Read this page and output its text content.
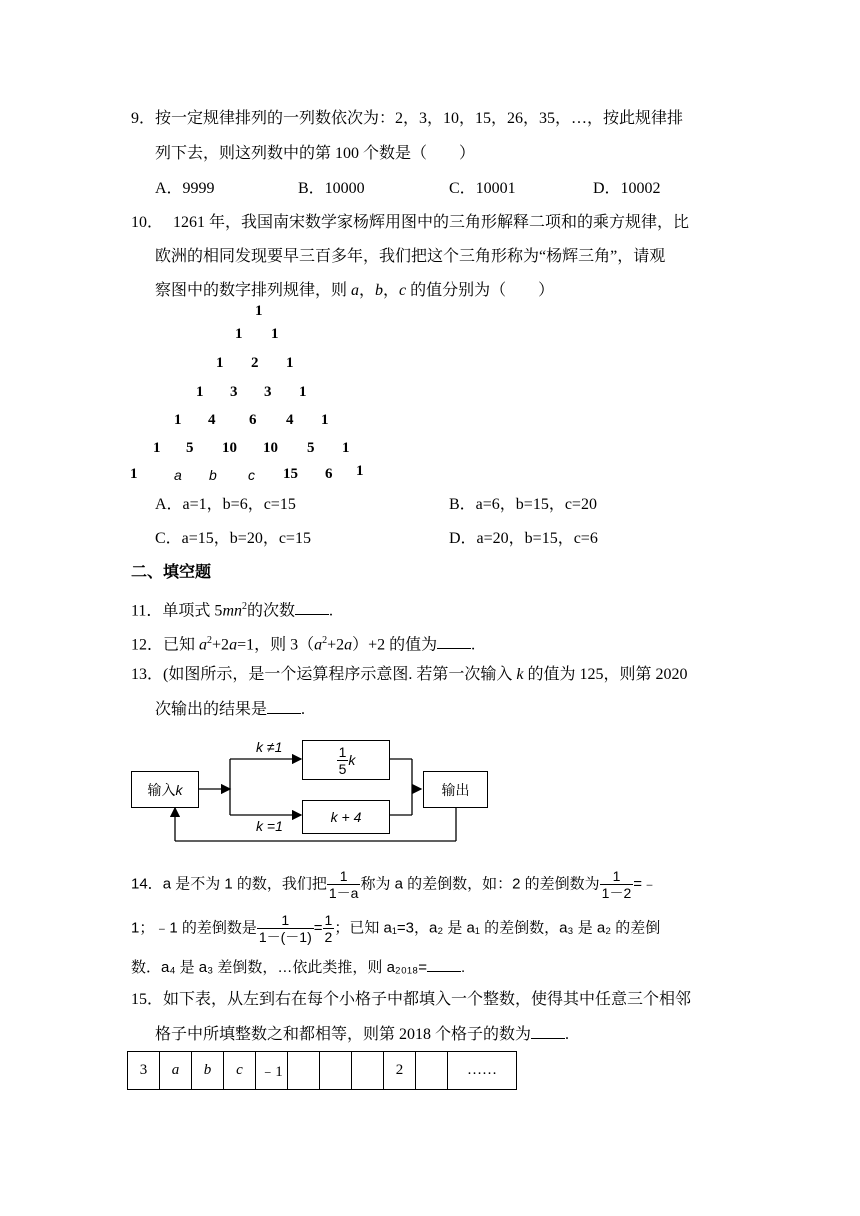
9． 按一定规律排列的一列数依次为：2，3，10，15，26，35，…，按此规律排
列下去，则这列数中的第 100 个数是（　　）
A．9999	B．10000	C．10001	D．10002
10． 1261 年，我国南宋数学家杨辉用图中的三角形解释二项和的乘方规律，比
欧洲的相同发现要早三百多年，我们把这个三角形称为“杨辉三角”，请观
察图中的数字排列规律，则 a，b，c 的值分别为（　　）
1
1 1
1 2 1
1 3 3 1
1 4 6 4 1
1 5 10 10 5 1
1	a b c 15 6 1
A．a=1，b=6，c=15	B．a=6，b=15，c=20
C．a=15，b=20，c=15	D．a=20，b=15，c=6
二、填空题
11．单项式 $5mn^2$的次数 .
12．已知 $a^2+2a=1$，则 $3(a^2+2a)+2$ 的值为 .
13．(如图所示，是一个运算程序示意图. 若第一次输入 k 的值为 125，则第 2020
次输出的结果是 .
输入 k
$\frac{1}{5}$ k
k + 4
输出
k ≠1
k =1
14．a 是不为 1 的数，我们把 $\frac{1}{1-a}$ 称为 a 的差倒数，如：2 的差倒数为 $\frac{1}{1-2}$ =﹣
1；﹣1 的差倒数是 $\frac{1}{1-(-1)} = \frac{1}{2}$ ；已知 a₁=3，a₂ 是 a₁ 的差倒数，a₃ 是 a₂ 的差倒
数．a₄ 是 a₃ 差倒数，…依此类推，则 a₂₀₁₈= .
15．如下表，从左到右在每个小格子中都填入一个整数，使得其中任意三个相邻
格子中所填整数之和都相等，则第 2018 个格子的数为 .
3	a	b	c	﹣1				2		……
